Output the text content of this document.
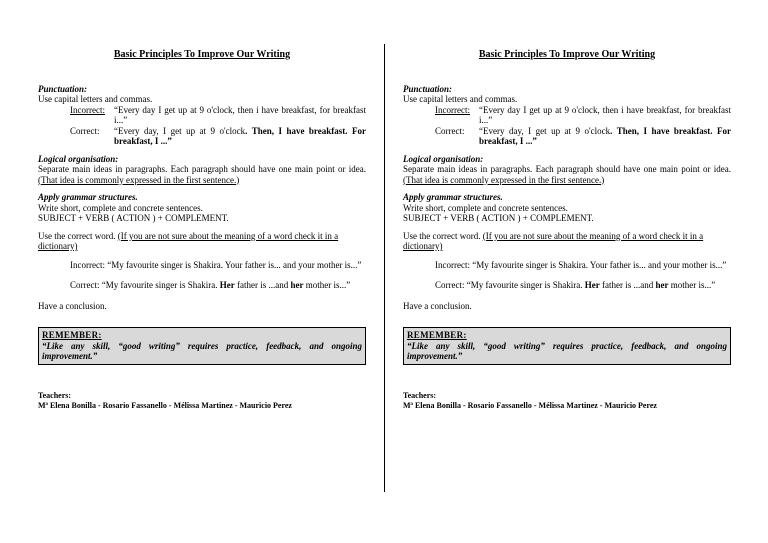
Basic Principles To Improve Our Writing
Punctuation:
Use capital letters and commas.
Incorrect:	“Every day I get up at 9 o'clock, then i have breakfast, for breakfast i...”
Correct:	“Every day, I get up at 9 o'clock. Then, I have breakfast. For breakfast, I ...”
Logical organisation:
Separate main ideas in paragraphs. Each paragraph should have one main point or idea. (That idea is commonly expressed in the first sentence.)
Apply grammar structures.
Write short, complete and concrete sentences.
SUBJECT + VERB ( ACTION ) + COMPLEMENT.
Use the correct word. (If you are not sure about the meaning of a word check it in a dictionary)
Incorrect: “My favourite singer is Shakira. Your father is... and your mother is...”
Correct: “My favourite singer is Shakira. Her father is ...and her mother is...”
Have a conclusion.
REMEMBER:
“Like any skill, “good writing” requires practice, feedback, and ongoing improvement.”
Teachers:
Mª Elena Bonilla - Rosario Fassanello - Mélissa Martinez - Mauricio Perez
Basic Principles To Improve Our Writing
Punctuation:
Use capital letters and commas.
Incorrect:	“Every day I get up at 9 o'clock, then i have breakfast, for breakfast i...”
Correct:	“Every day, I get up at 9 o'clock. Then, I have breakfast. For breakfast, I ...”
Logical organisation:
Separate main ideas in paragraphs. Each paragraph should have one main point or idea. (That idea is commonly expressed in the first sentence.)
Apply grammar structures.
Write short, complete and concrete sentences.
SUBJECT + VERB ( ACTION ) + COMPLEMENT.
Use the correct word. (If you are not sure about the meaning of a word check it in a dictionary)
Incorrect: “My favourite singer is Shakira. Your father is... and your mother is...”
Correct: “My favourite singer is Shakira. Her father is ...and her mother is...”
Have a conclusion.
REMEMBER:
“Like any skill, “good writing” requires practice, feedback, and ongoing improvement.”
Teachers:
Mª Elena Bonilla - Rosario Fassanello - Mélissa Martinez - Mauricio Perez
